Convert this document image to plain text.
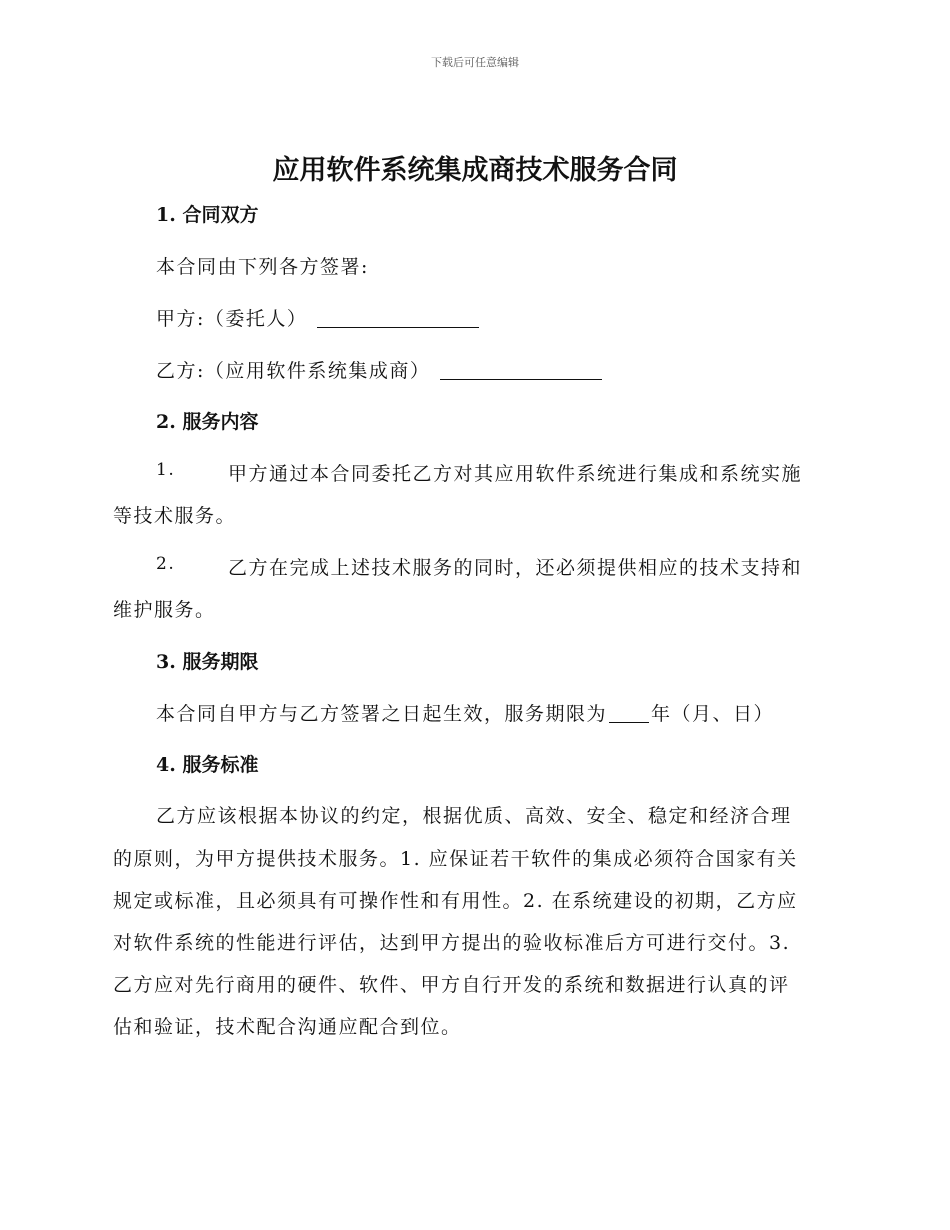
下载后可任意编辑
应用软件系统集成商技术服务合同
1. 合同双方
本合同由下列各方签署:
甲方:（委托人）
乙方:（应用软件系统集成商）
2. 服务内容
1.	甲方通过本合同委托乙方对其应用软件系统进行集成和系统实施
等技术服务。
2.	乙方在完成上述技术服务的同时，还必须提供相应的技术支持和
维护服务。
3. 服务期限
本合同自甲方与乙方签署之日起生效，服务期限为 年（月、日）
4. 服务标准
乙方应该根据本协议的约定，根据优质、高效、安全、稳定和经济合理
的原则，为甲方提供技术服务。1. 应保证若干软件的集成必须符合国家有关
规定或标准，且必须具有可操作性和有用性。2. 在系统建设的初期，乙方应
对软件系统的性能进行评估，达到甲方提出的验收标准后方可进行交付。3.
乙方应对先行商用的硬件、软件、甲方自行开发的系统和数据进行认真的评
估和验证，技术配合沟通应配合到位。
